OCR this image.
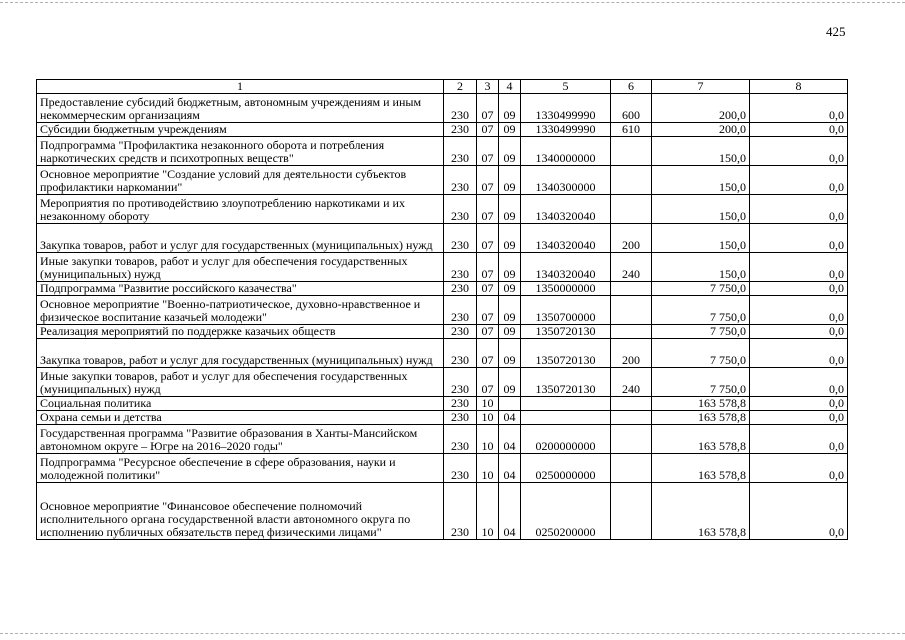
425
1	2	3	4	5	6	7	8
Предоставление субсидий бюджетным, автономным учреждениям и иным некоммерческим организациям	230	07	09	1330499990	600	200,0	0,0
Субсидии бюджетным учреждениям	230	07	09	1330499990	610	200,0	0,0
Подпрограмма "Профилактика незаконного оборота и потребления наркотических средств и психотропных веществ"	230	07	09	1340000000		150,0	0,0
Основное мероприятие "Создание условий для деятельности субъектов профилактики наркомании"	230	07	09	1340300000		150,0	0,0
Мероприятия по противодействию злоупотреблению наркотиками и их незаконному обороту	230	07	09	1340320040		150,0	0,0
Закупка товаров, работ и услуг для государственных (муниципальных) нужд	230	07	09	1340320040	200	150,0	0,0
Иные закупки товаров, работ и услуг для обеспечения государственных (муниципальных) нужд	230	07	09	1340320040	240	150,0	0,0
Подпрограмма "Развитие российского казачества"	230	07	09	1350000000		7 750,0	0,0
Основное мероприятие "Военно-патриотическое, духовно-нравственное и физическое воспитание казачьей молодежи"	230	07	09	1350700000		7 750,0	0,0
Реализация мероприятий по поддержке казачьих обществ	230	07	09	1350720130		7 750,0	0,0
Закупка товаров, работ и услуг для государственных (муниципальных) нужд	230	07	09	1350720130	200	7 750,0	0,0
Иные закупки товаров, работ и услуг для обеспечения государственных (муниципальных) нужд	230	07	09	1350720130	240	7 750,0	0,0
Социальная политика	230	10				163 578,8	0,0
Охрана семьи и детства	230	10	04			163 578,8	0,0
Государственная программа "Развитие образования в Ханты-Мансийском автономном округе – Югре на 2016–2020 годы"	230	10	04	0200000000		163 578,8	0,0
Подпрограмма "Ресурсное обеспечение в сфере образования, науки и молодежной политики"	230	10	04	0250000000		163 578,8	0,0
Основное мероприятие "Финансовое обеспечение полномочий исполнительного органа государственной власти автономного округа по исполнению публичных обязательств перед физическими лицами"	230	10	04	0250200000		163 578,8	0,0
